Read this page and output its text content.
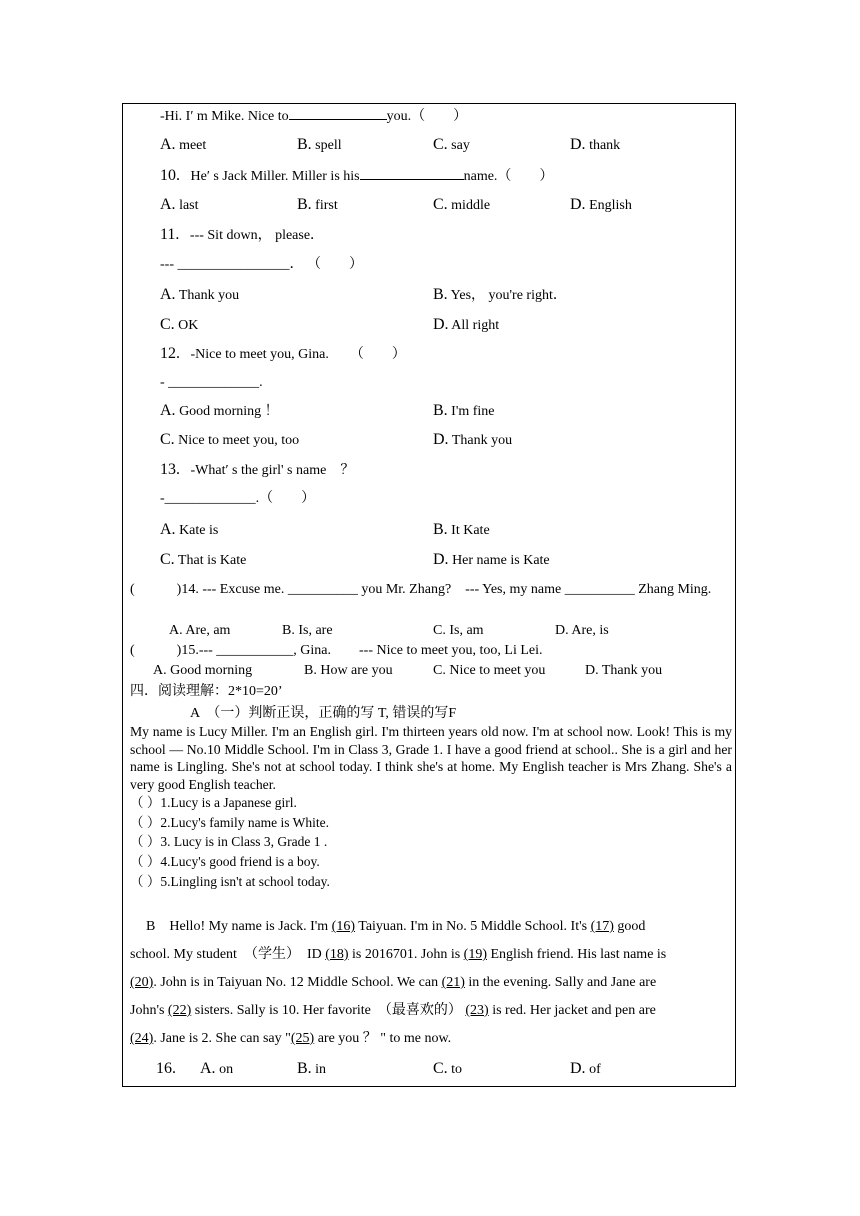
-Hi. I′ m Mike. Nice to	you.（　　）
A. meet	B. spell	C. say	D. thank
10. He′ s Jack Miller. Miller is his	name.（　　）
A. last	B. first	C. middle	D. English
11. --- Sit down， please．
--- ________________． （　　）
A. Thank you	B. Yes， you're right．
C. OK	D. All right
12. -Nice to meet you, Gina.　　（　　）
- _____________.
A. Good morning ！	B. I'm fine
C. Nice to meet you, too	D. Thank you
13. -What′ s the girl' s name　？
-_____________.（　　）
A. Kate is	B. It Kate
C. That is Kate	D. Her name is Kate
(　　　)14. --- Excuse me. __________ you Mr. Zhang?　--- Yes, my name __________ Zhang Ming.
A. Are, am	B. Is, are	C. Is, am	D. Are, is
(　　　)15.--- ___________, Gina.　　--- Nice to meet you, too, Li Lei.
A. Good morning	B. How are you	C. Nice to meet you	D. Thank you
四．阅读理解：2*10=20’
A　（一）判断正误，正确的写 T, 错误的写F
My name is Lucy Miller. I'm an English girl. I'm thirteen years old now. I'm at school now. Look! This is my school — No.10 Middle School. I'm in Class 3, Grade 1. I have a good friend at school.. She is a girl and her name is Lingling. She's not at school today. I think she's at home. My English teacher is Mrs Zhang. She's a very good English teacher.
（ ）1.Lucy is a Japanese girl.
（ ）2.Lucy's family name is White.
（ ）3. Lucy is in Class 3, Grade 1 .
（ ）4.Lucy's good friend is a boy.
（ ）5.Lingling isn't at school today.
B　Hello! My name is Jack. I'm (16) Taiyuan. I'm in No. 5 Middle School. It's (17) good
school. My student　（学生）　ID (18) is 2016701. John is (19) English friend. His last name is
(20). John is in Taiyuan No. 12 Middle School. We can (21) in the evening. Sally and Jane are
John's (22) sisters. Sally is 10. Her favorite　（最喜欢的） (23) is red. Her jacket and pen are
(24). Jane is 2. She can say "(25) are you ？ " to me now.
16. A. on	B. in	C. to	D. of
